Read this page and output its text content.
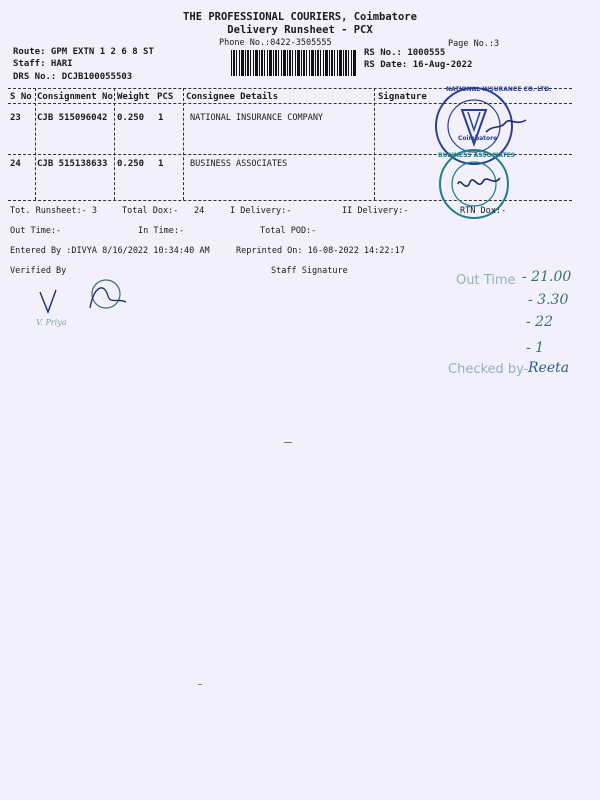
THE PROFESSIONAL COURIERS, Coimbatore
Delivery Runsheet - PCX
Phone No.:0422-3505555	Page No.:3
Route: GPM EXTN 1 2 6 8 ST
Staff: HARI
DRS No.: DCJB100055503
RS No.: 1000555
RS Date: 16-Aug-2022
S No Consignment No Weight PCS Consignee Details	Signature
23 CJB 515096042 0.250 1	NATIONAL INSURANCE COMPANY
24 CJB 515138633 0.250 1	BUSINESS ASSOCIATES
NATIONAL INSURANCE CO. LTD.
Coimbatore
BUSINESS ASSOCIATES
Tot. Runsheet:- 3	Total Dox:- 24	I Delivery:-	II Delivery:-	RTN Dox:-
Out Time:-	In Time:-	Total POD:-
Entered By :DIVYA 8/16/2022 10:34:40 AM	Reprinted On: 16-08-2022 14:22:17
Verified By	Staff Signature
V. Priya
Out Time - 21.00
- 3.30
- 22
- 1
Checked by- Reeta
